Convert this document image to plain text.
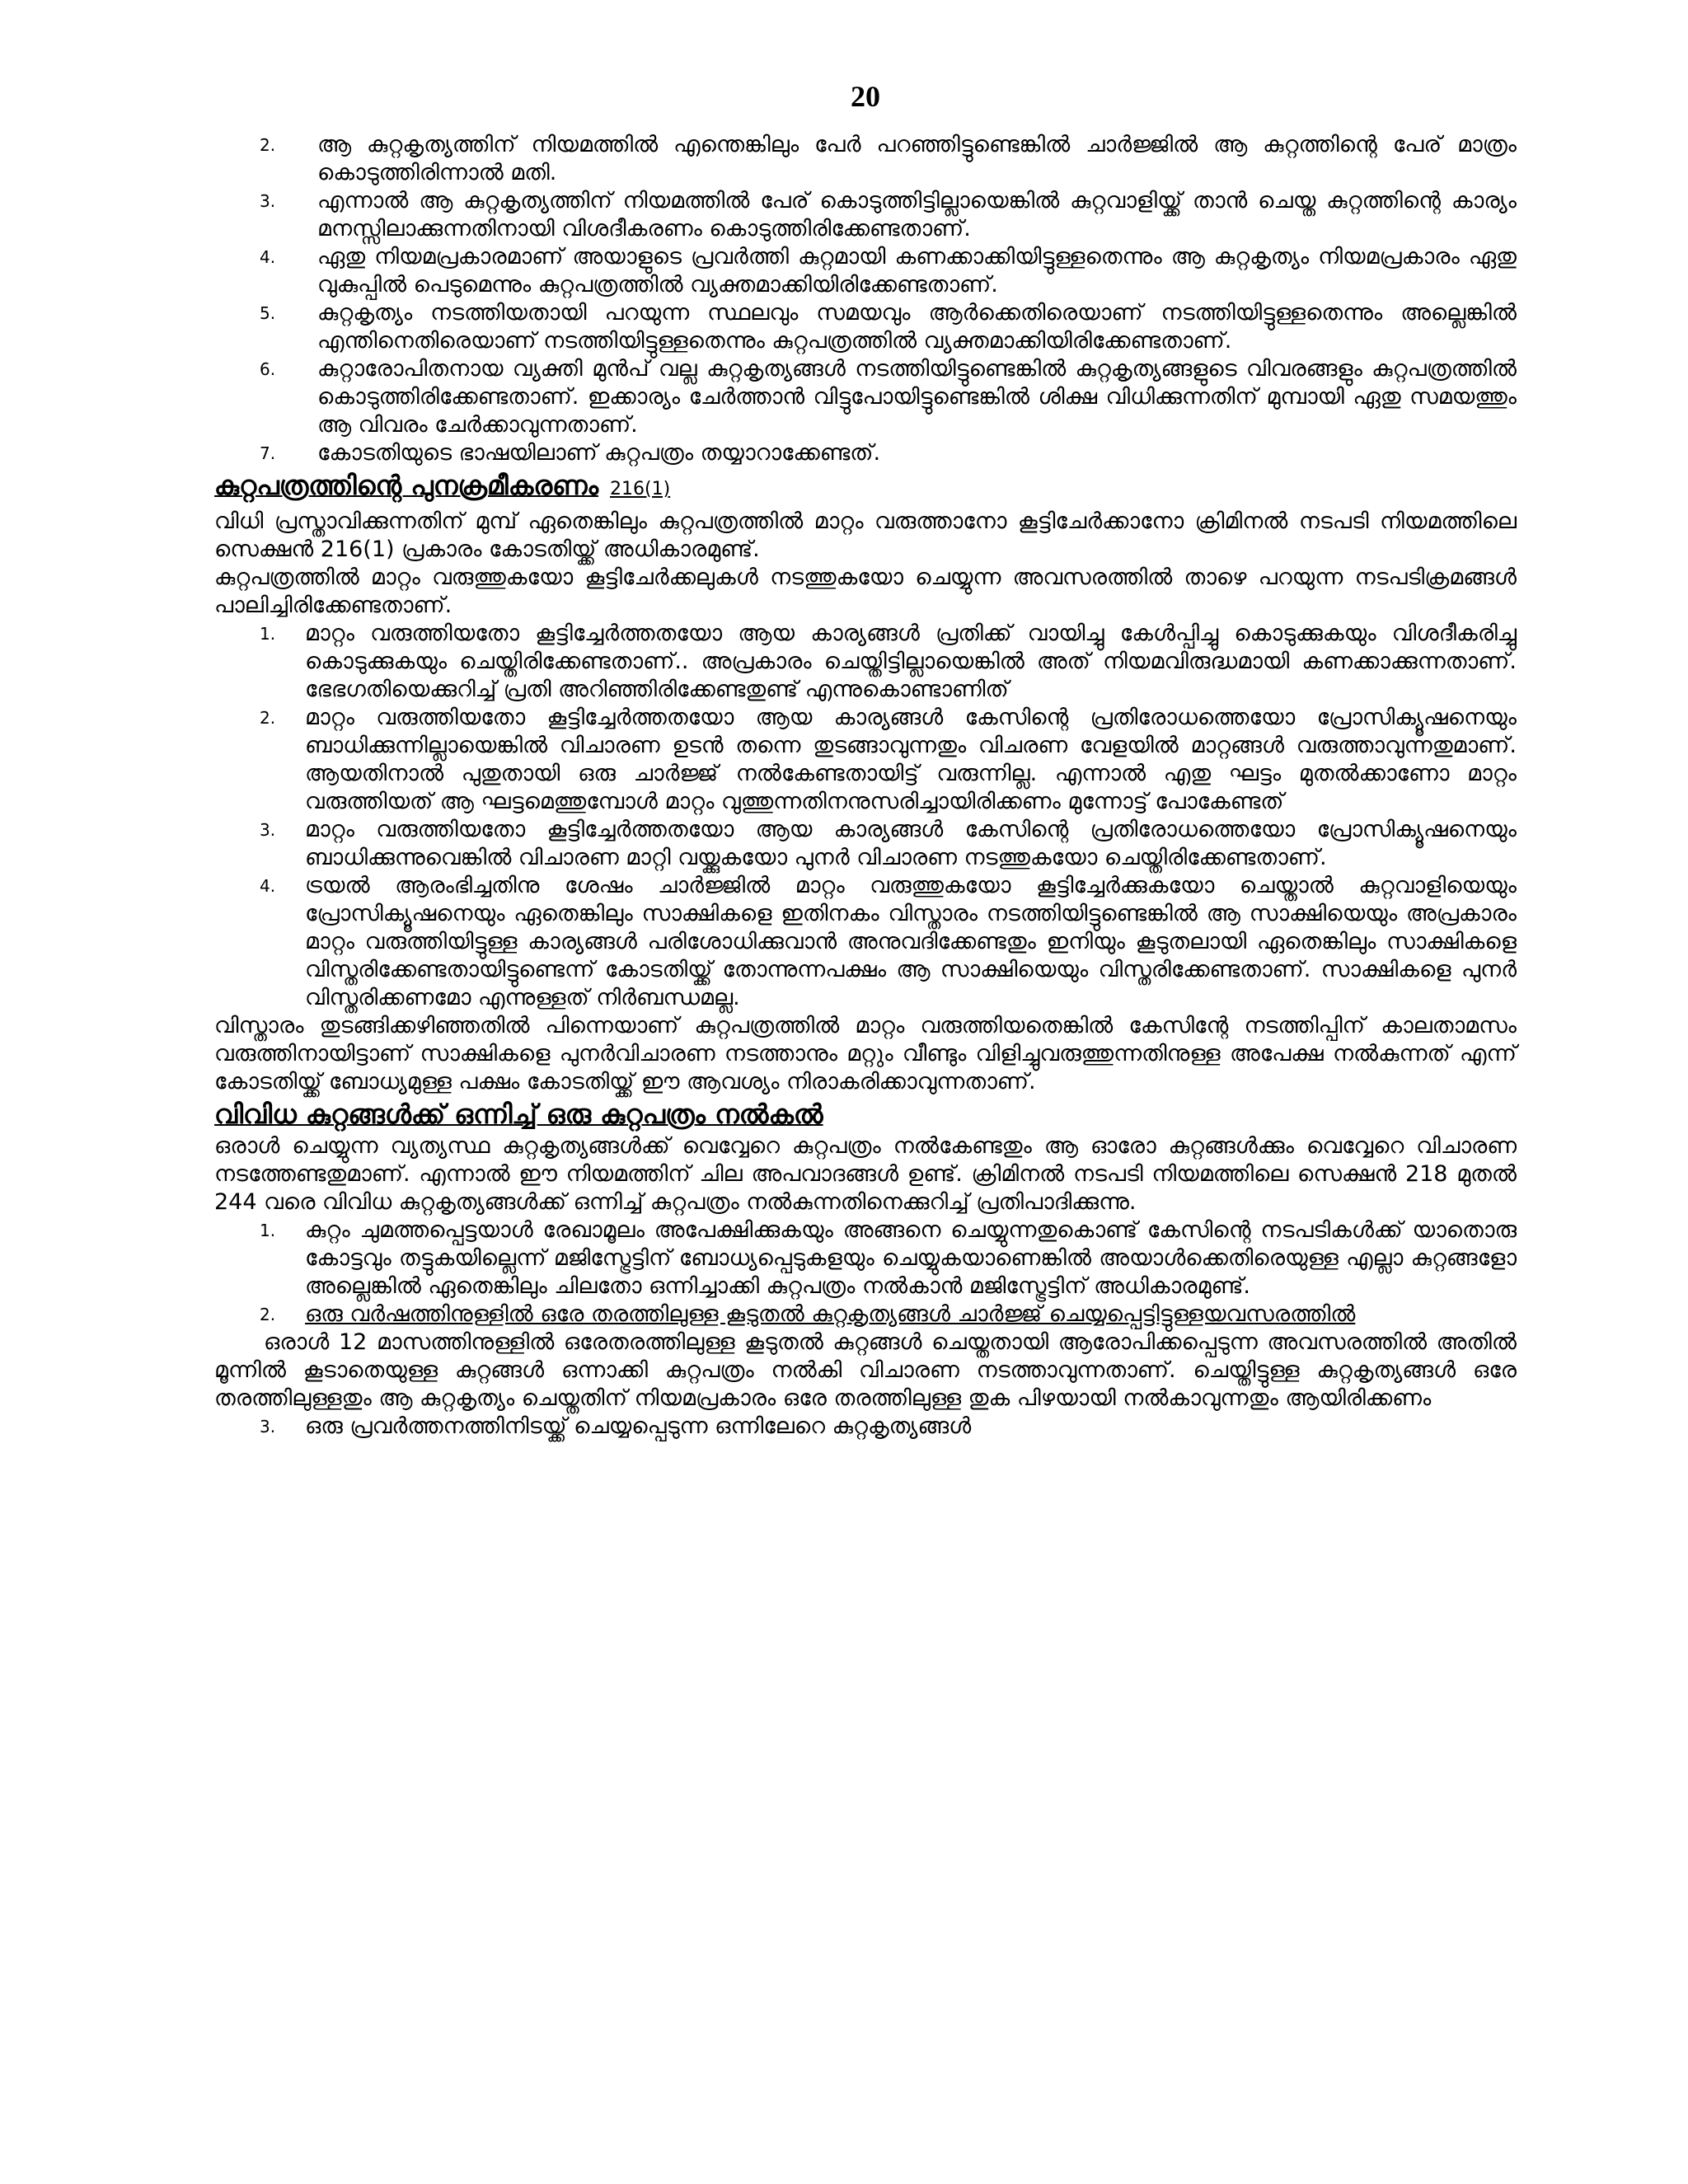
20
2.	ആ കുറ്റകൃത്യത്തിന് നിയമത്തിൽ എന്തെങ്കിലും പേർ പറഞ്ഞിട്ടുണ്ടെങ്കിൽ ചാർജ്ജിൽ ആ കുറ്റത്തിന്റെ പേര് മാത്രം കൊടുത്തിരിന്നാൽ മതി.
3.	എന്നാൽ ആ കുറ്റകൃത്യത്തിന് നിയമത്തിൽ പേര് കൊടുത്തിട്ടില്ലായെങ്കിൽ കുറ്റവാളിയ്ക്ക് താൻ ചെയ്ത കുറ്റത്തിന്റെ കാര്യം മനസ്സിലാക്കുന്നതിനായി വിശദീകരണം കൊടുത്തിരിക്കേണ്ടതാണ്.
4.	ഏതു നിയമപ്രകാരമാണ് അയാളുടെ പ്രവർത്തി കുറ്റമായി കണക്കാക്കിയിട്ടുള്ളതെന്നും ആ കുറ്റകൃത്യം നിയമപ്രകാരം ഏതു വുകുപ്പിൽ പെടുമെന്നും കുറ്റപത്രത്തിൽ വ്യക്തമാക്കിയിരിക്കേണ്ടതാണ്.
5.	കുറ്റകൃത്യം നടത്തിയതായി പറയുന്ന സ്ഥലവും സമയവും ആർക്കെതിരെയാണ് നടത്തിയിട്ടുള്ളതെന്നും അല്ലെങ്കിൽ എന്തിനെതിരെയാണ് നടത്തിയിട്ടുള്ളതെന്നും കുറ്റപത്രത്തിൽ വ്യക്തമാക്കിയിരിക്കേണ്ടതാണ്.
6.	കുറ്റാരോപിതനായ വ്യക്തി മുൻപ് വല്ല കുറ്റകൃത്യങ്ങൾ നടത്തിയിട്ടുണ്ടെങ്കിൽ കുറ്റകൃത്യങ്ങളുടെ വിവരങ്ങളും കുറ്റപത്രത്തിൽ കൊടുത്തിരിക്കേണ്ടതാണ്. ഇക്കാര്യം ചേർത്താൻ വിട്ടുപോയിട്ടുണ്ടെങ്കിൽ ശിക്ഷ വിധിക്കുന്നതിന് മുമ്പായി ഏതു സമയത്തും ആ വിവരം ചേർക്കാവുന്നതാണ്.
7.	കോടതിയുടെ ഭാഷയിലാണ് കുറ്റപത്രം തയ്യാറാക്കേണ്ടത്.
കുറ്റപത്രത്തിന്റെ പുനക്രമീകരണം 216(1)

വിധി പ്രസ്താവിക്കുന്നതിന് മുമ്പ് ഏതെങ്കിലും കുറ്റപത്രത്തിൽ മാറ്റം വരുത്താനോ കൂട്ടിചേർക്കാനോ ക്രിമിനൽ നടപടി നിയമത്തിലെ സെക്ഷൻ 216(1) പ്രകാരം കോടതിയ്ക്ക് അധികാരമുണ്ട്.

കുറ്റപത്രത്തിൽ മാറ്റം വരുത്തുകയോ കൂട്ടിചേർക്കലുകൾ നടത്തുകയോ ചെയ്യുന്ന അവസരത്തിൽ താഴെ പറയുന്ന നടപടിക്രമങ്ങൾ പാലിച്ചിരിക്കേണ്ടതാണ്.

1.	മാറ്റം വരുത്തിയതോ കൂട്ടിച്ചേർത്തതയോ ആയ കാര്യങ്ങൾ പ്രതിക്ക് വായിച്ചു കേൾപ്പിച്ചു കൊടുക്കുകയും വിശദീകരിച്ചു കൊടുക്കുകയും ചെയ്തിരിക്കേണ്ടതാണ്.. അപ്രകാരം ചെയ്തിട്ടില്ലായെങ്കിൽ അത് നിയമവിരുദ്ധമായി കണക്കാക്കുന്നതാണ്. ഭേഭഗതിയെക്കുറിച്ച് പ്രതി അറിഞ്ഞിരിക്കേണ്ടതുണ്ട് എന്നുകൊണ്ടാണിത്
2.	മാറ്റം വരുത്തിയതോ കൂട്ടിച്ചേർത്തതയോ ആയ കാര്യങ്ങൾ കേസിന്റെ പ്രതിരോധത്തെയോ പ്രോസിക്യൂഷനെയും ബാധിക്കുന്നില്ലായെങ്കിൽ വിചാരണ ഉടൻ തന്നെ തുടങ്ങാവുന്നതും വിചരണ വേളയിൽ മാറ്റങ്ങൾ വരുത്താവുന്നതുമാണ്. ആയതിനാൽ പുതുതായി ഒരു ചാർജ്ജ് നൽകേണ്ടതായിട്ട് വരുന്നില്ല. എന്നാൽ എതു ഘട്ടം മുതൽക്കാണോ മാറ്റം വരുത്തിയത് ആ ഘട്ടമെത്തുമ്പോൾ മാറ്റം വുത്തുന്നതിനനുസരിച്ചായിരിക്കണം മുന്നോട്ട് പോകേണ്ടത്
3.	മാറ്റം വരുത്തിയതോ കൂട്ടിച്ചേർത്തതയോ ആയ കാര്യങ്ങൾ കേസിന്റെ പ്രതിരോധത്തെയോ പ്രോസിക്യൂഷനെയും ബാധിക്കുന്നുവെങ്കിൽ വിചാരണ മാറ്റി വയ്ക്കുകയോ പുനർ വിചാരണ നടത്തുകയോ ചെയ്തിരിക്കേണ്ടതാണ്.
4.	ട്രയൽ ആരംഭിച്ചതിനു ശേഷം ചാർജ്ജിൽ മാറ്റം വരുത്തുകയോ കൂട്ടിച്ചേർക്കുകയോ ചെയ്താൽ കുറ്റവാളിയെയും പ്രോസിക്യൂഷനെയും ഏതെങ്കിലും സാക്ഷികളെ ഇതിനകം വിസ്താരം നടത്തിയിട്ടുണ്ടെങ്കിൽ ആ സാക്ഷിയെയും അപ്രകാരം മാറ്റം വരുത്തിയിട്ടുള്ള കാര്യങ്ങൾ പരിശോധിക്കുവാൻ അനുവദിക്കേണ്ടതും ഇനിയും കൂടുതലായി ഏതെങ്കിലും സാക്ഷികളെ വിസ്തരിക്കേണ്ടതായിട്ടുണ്ടെന്ന് കോടതിയ്ക്ക് തോന്നുന്നപക്ഷം ആ സാക്ഷിയെയും വിസ്തരിക്കേണ്ടതാണ്. സാക്ഷികളെ പുനർ വിസ്തരിക്കണമോ എന്നുള്ളത് നിർബന്ധമല്ല.

വിസ്താരം തുടങ്ങിക്കഴിഞ്ഞതിൽ പിന്നെയാണ് കുറ്റപത്രത്തിൽ മാറ്റം വരുത്തിയതെങ്കിൽ കേസിന്റേ നടത്തിപ്പിന് കാലതാമസം വരുത്തിനായിട്ടാണ് സാക്ഷികളെ പുനർവിചാരണ നടത്താനും മറ്റും വീണ്ടും വിളിച്ചുവരുത്തുന്നതിനുള്ള അപേക്ഷ നൽകുന്നത് എന്ന് കോടതിയ്ക്ക് ബോധ്യമുള്ള പക്ഷം കോടതിയ്ക്ക് ഈ ആവശ്യം നിരാകരിക്കാവുന്നതാണ്.

വിവിധ കുറ്റങ്ങൾക്ക് ഒന്നിച്ച് ഒരു കുറ്റപത്രം നൽകൽ

ഒരാൾ ചെയ്യുന്ന വ്യത്യസ്ഥ കുറ്റകൃത്യങ്ങൾക്ക് വെവ്വേറെ കുറ്റപത്രം നൽകേണ്ടതും ആ ഓരോ കുറ്റങ്ങൾക്കും വെവ്വേറെ വിചാരണ നടത്തേണ്ടതുമാണ്. എന്നാൽ ഈ നിയമത്തിന് ചില അപവാദങ്ങൾ ഉണ്ട്. ക്രിമിനൽ നടപടി നിയമത്തിലെ സെക്ഷൻ 218 മുതൽ 244 വരെ വിവിധ കുറ്റകൃത്യങ്ങൾക്ക് ഒന്നിച്ച് കുറ്റപത്രം നൽകുന്നതിനെക്കുറിച്ച് പ്രതിപാദിക്കുന്നു.

1.	കുറ്റം ചുമത്തപ്പെട്ടയാൾ രേഖാമൂലം അപേക്ഷിക്കുകയും അങ്ങനെ ചെയ്യുന്നതുകൊണ്ട് കേസിന്റെ നടപടികൾക്ക് യാതൊരു കോട്ടവും തട്ടുകയില്ലെന്ന് മജിസ്ട്രേട്ടിന് ബോധ്യപ്പെടുകളയും ചെയ്യുകയാണെങ്കിൽ അയാൾക്കെതിരെയുള്ള എല്ലാ കുറ്റങ്ങളോ അല്ലെങ്കിൽ ഏതെങ്കിലും ചിലതോ ഒന്നിച്ചാക്കി കുറ്റപത്രം നൽകാൻ മജിസ്ട്രേട്ടിന് അധികാരമുണ്ട്.
2.	ഒരു വർഷത്തിനുള്ളിൽ ഒരേ തരത്തിലുള്ള കൂടുതൽ കുറ്റകൃത്യങ്ങൾ ചാർജ്ജ് ചെയ്യപ്പെട്ടിട്ടുള്ളയവസരത്തിൽ

ഒരാൾ 12 മാസത്തിനുള്ളിൽ ഒരേതരത്തിലുള്ള കൂടുതൽ കുറ്റങ്ങൾ ചെയ്തതായി ആരോപിക്കപ്പെടുന്ന അവസരത്തിൽ അതിൽ മൂന്നിൽ കൂടാതെയുള്ള കുറ്റങ്ങൾ ഒന്നാക്കി കുറ്റപത്രം നൽകി വിചാരണ നടത്താവുന്നതാണ്. ചെയ്തിട്ടുള്ള കുറ്റകൃത്യങ്ങൾ ഒരേ തരത്തിലുള്ളതും ആ കുറ്റകൃത്യം ചെയ്തതിന് നിയമപ്രകാരം ഒരേ തരത്തിലുള്ള തുക പിഴയായി നൽകാവുന്നതും ആയിരിക്കണം

3.	ഒരു പ്രവർത്തനത്തിനിടയ്ക്ക് ചെയ്യപ്പെടുന്ന ഒന്നിലേറെ കുറ്റകൃത്യങ്ങൾ
